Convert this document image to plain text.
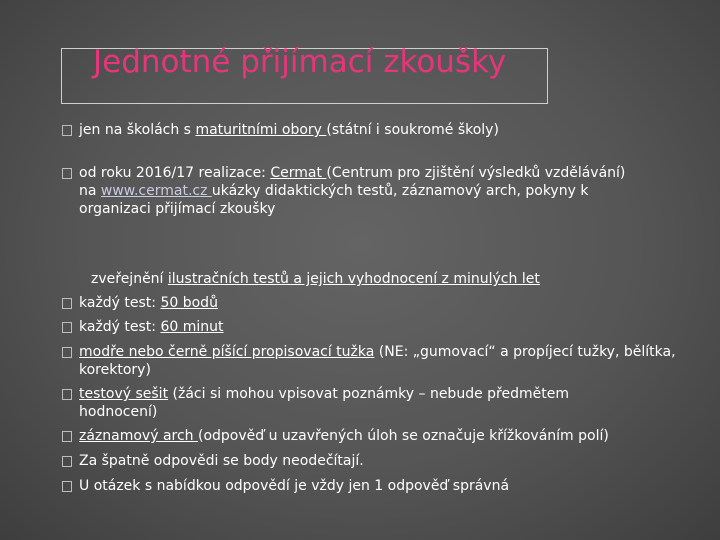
Jednotné přijímací zkoušky
jen na školách s maturitními obory (státní i soukromé školy)
od roku 2016/17 realizace: Cermat (Centrum pro zjištění výsledků vzdělávání)
na www.cermat.cz ukázky didaktických testů, záznamový arch, pokyny k organizaci přijímací zkoušky
zveřejnění ilustračních testů a jejich vyhodnocení z minulých let
každý test: 50 bodů
každý test: 60 minut
modře nebo černě píšící propisovací tužka (NE: „gumovací“ a propíjecí tužky, bělítka, korektory)
testový sešit (žáci si mohou vpisovat poznámky – nebude předmětem hodnocení)
záznamový arch (odpověď u uzavřených úloh se označuje křížkováním polí)
Za špatně odpovědi se body neodečítají.
U otázek s nabídkou odpovědí je vždy jen 1 odpověď správná
